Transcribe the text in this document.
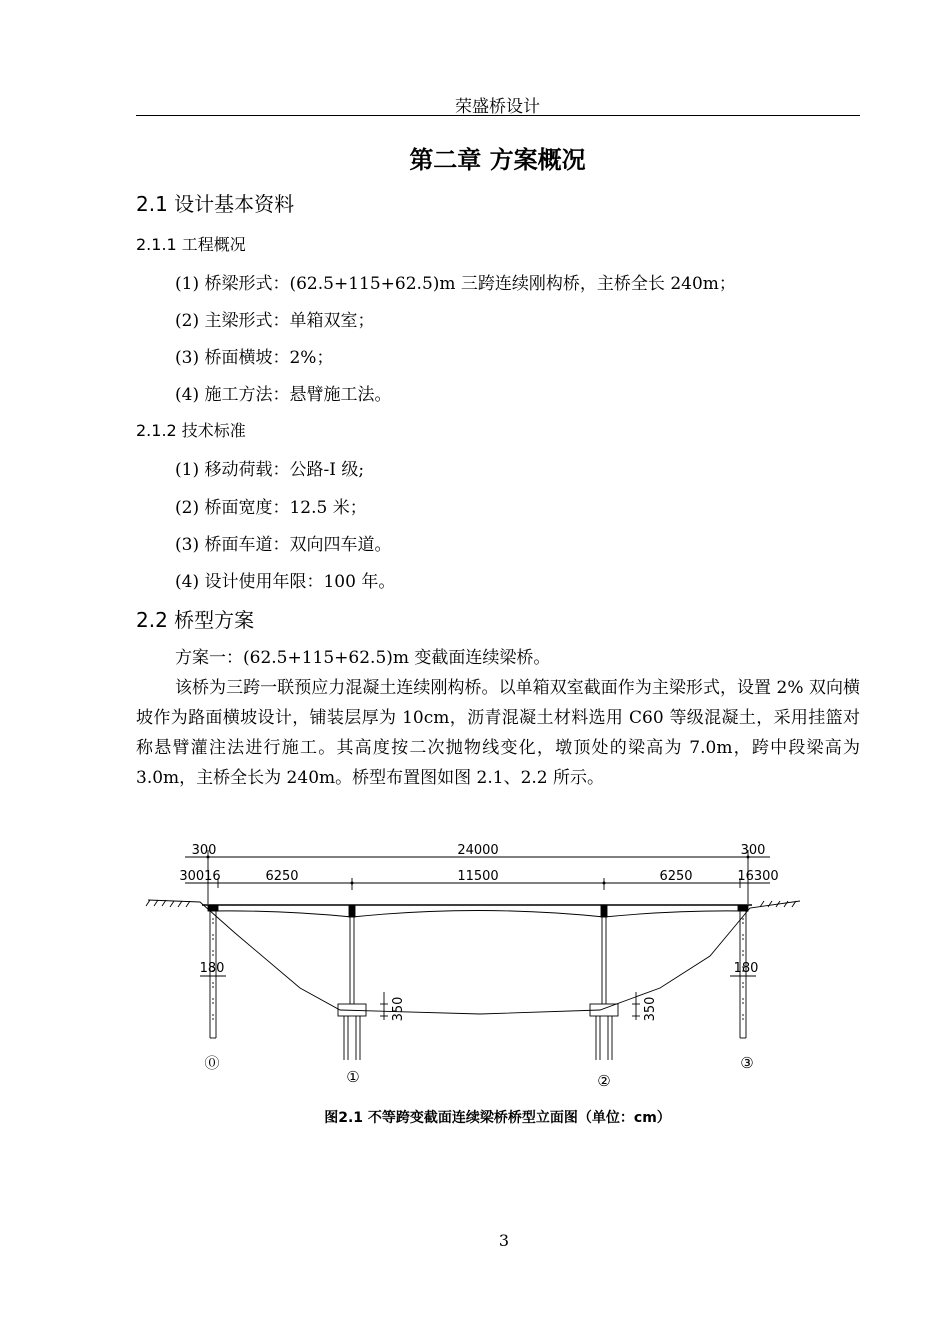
荣盛桥设计
第二章 方案概况
2.1 设计基本资料
2.1.1 工程概况
(1) 桥梁形式：(62.5+115+62.5)m 三跨连续刚构桥，主桥全长 240m；
(2) 主梁形式：单箱双室；
(3) 桥面横坡：2%；
(4) 施工方法：悬臂施工法。
2.1.2 技术标准
(1) 移动荷载：公路-I 级;
(2) 桥面宽度：12.5 米；
(3) 桥面车道：双向四车道。
(4) 设计使用年限：100 年。
2.2 桥型方案

方案一：(62.5+115+62.5)m 变截面连续梁桥。

该桥为三跨一联预应力混凝土连续刚构桥。以单箱双室截面作为主梁形式，设置 2% 双向横坡作为路面横坡设计，铺装层厚为 10cm，沥青混凝土材料选用 C60 等级混凝土，采用挂篮对称悬臂灌注法进行施工。其高度按二次抛物线变化，墩顶处的梁高为 7.0m，跨中段梁高为 3.0m，主桥全长为 240m。桥型布置图如图 2.1、2.2 所示。

24000
300	300
30016	16300
6250	11500	6250
180	180
350	350
⓪
①	②
③
图2.1 不等跨变截面连续梁桥桥型立面图（单位：cm）
3
